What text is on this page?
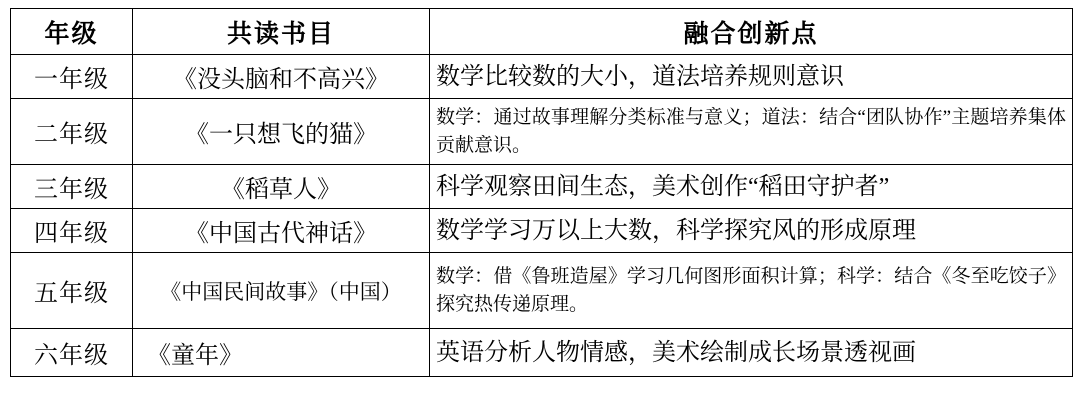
年级	共读书目	融合创新点
一年级	《没头脑和不高兴》	数学比较数的大小，道法培养规则意识
二年级	《一只想飞的猫》	数学：通过故事理解分类标准与意义；道法：结合“团队协作”主题培养集体贡献意识。
三年级	《稻草人》	科学观察田间生态，美术创作“稻田守护者”
四年级	《中国古代神话》	数学学习万以上大数，科学探究风的形成原理
五年级	《中国民间故事》（中国）	数学：借《鲁班造屋》学习几何图形面积计算；科学：结合《冬至吃饺子》探究热传递原理。
六年级	《童年》	英语分析人物情感，美术绘制成长场景透视画
